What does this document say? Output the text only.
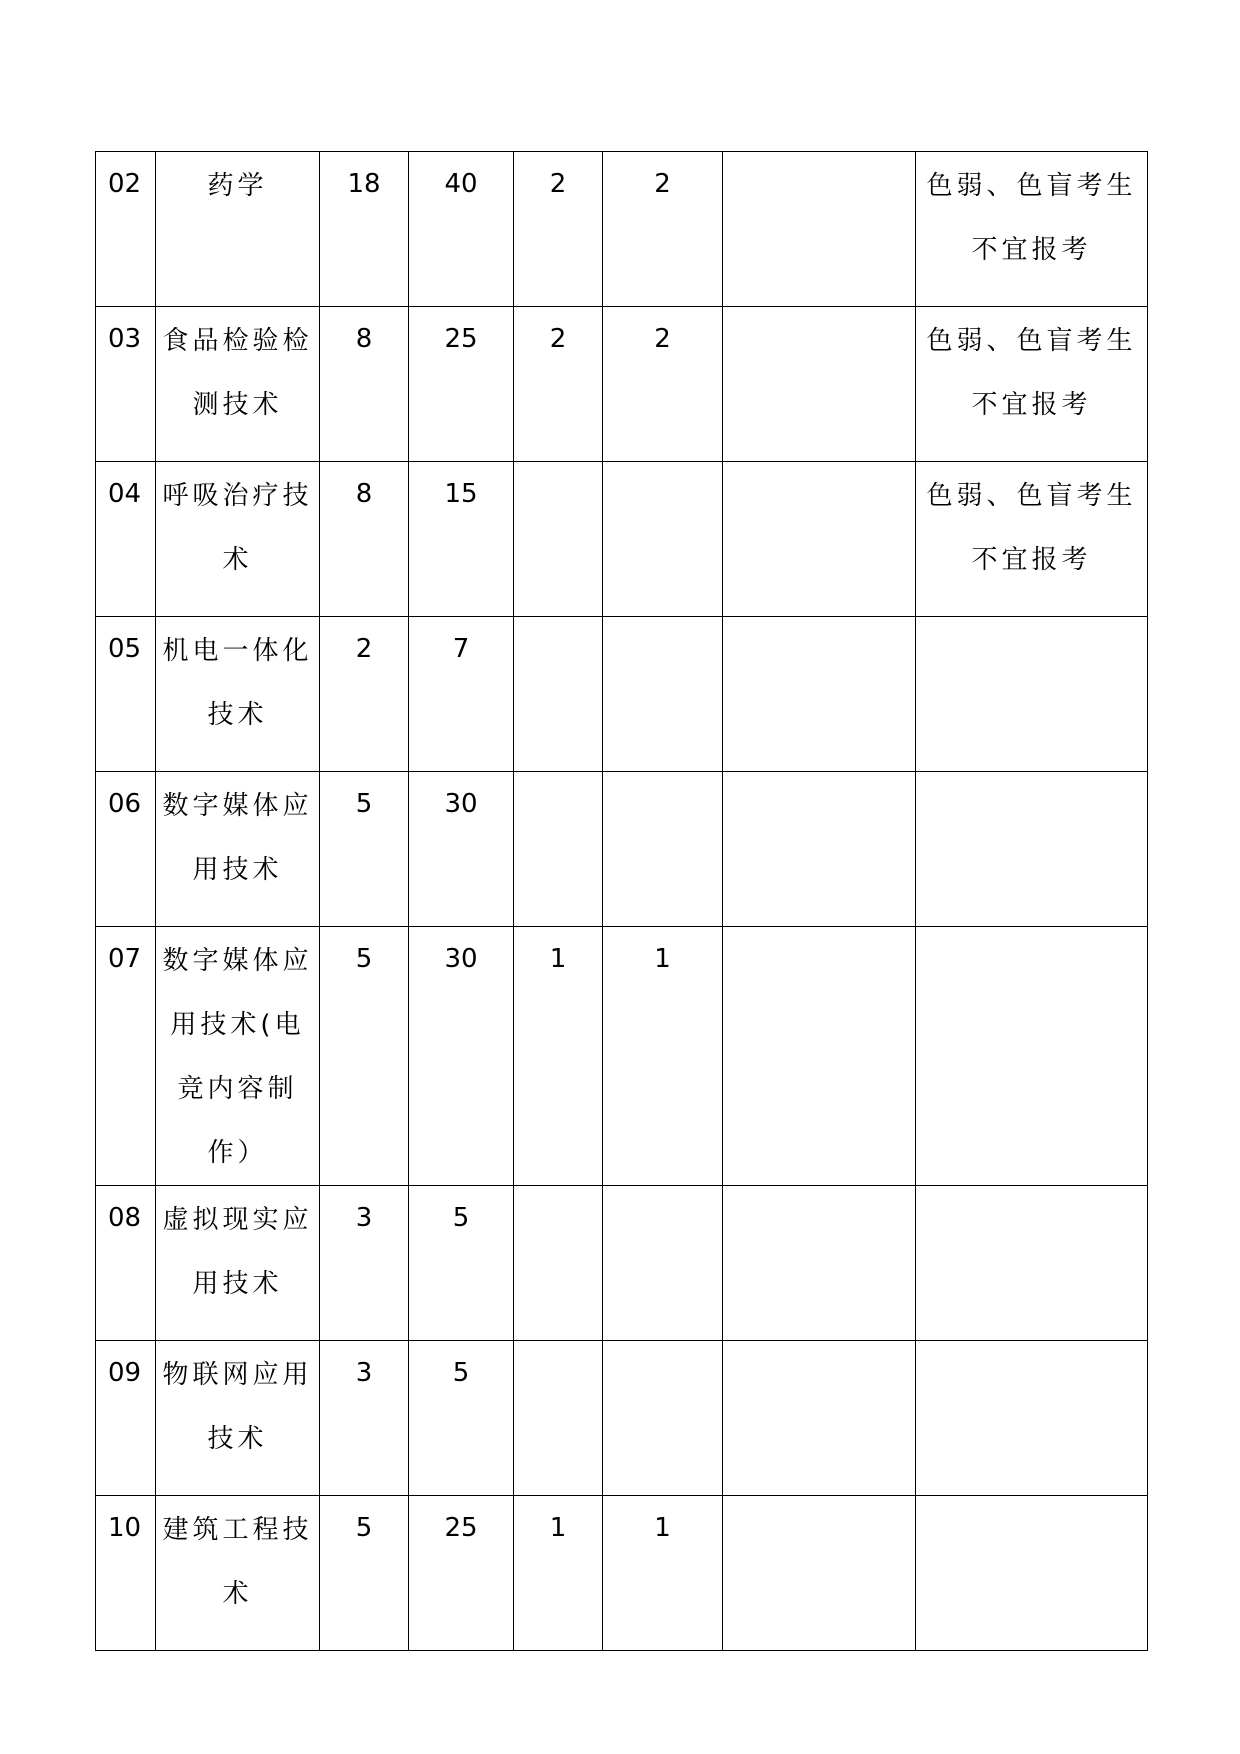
02	药学	18	40	2	2		色弱、色盲考生不宜报考

03	食品检验检测技术	8	25	2	2		色弱、色盲考生不宜报考

04	呼吸治疗技术	8	15				色弱、色盲考生不宜报考

05	机电一体化技术	2	7				

06	数字媒体应用技术	5	30				

07	数字媒体应用技术(电竞内容制作）	5	30	1	1		

08	虚拟现实应用技术	3	5				

09	物联网应用技术	3	5				

10	建筑工程技术	5	25	1	1		
